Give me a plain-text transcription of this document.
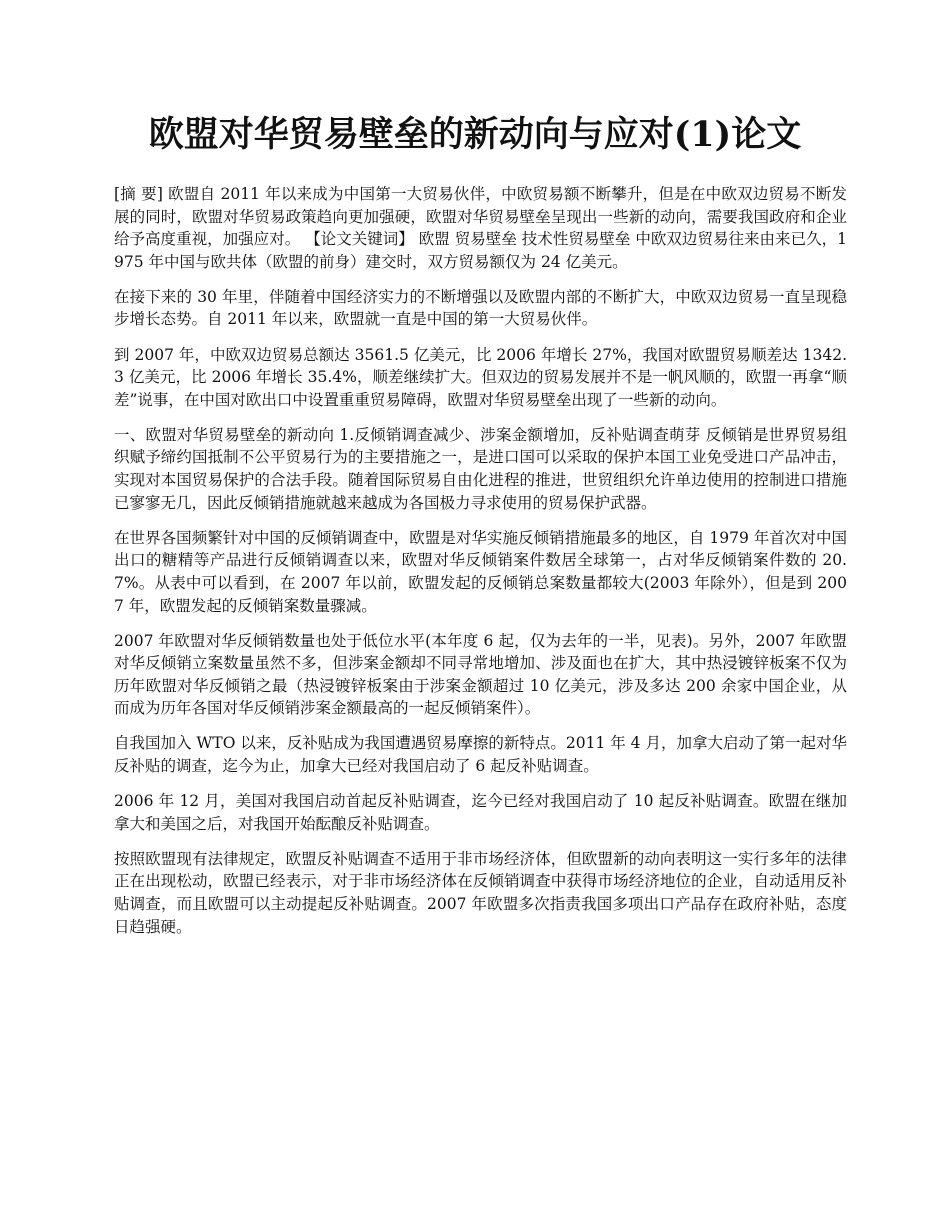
欧盟对华贸易壁垒的新动向与应对(1)论文

[摘 要] 欧盟自 2011 年以来成为中国第一大贸易伙伴，中欧贸易额不断攀升，但是在中欧双边贸易不断发展的同时，欧盟对华贸易政策趋向更加强硬，欧盟对华贸易壁垒呈现出一些新的动向，需要我国政府和企业给予高度重视，加强应对。 【论文关键词】 欧盟 贸易壁垒 技术性贸易壁垒 中欧双边贸易往来由来已久，1975 年中国与欧共体（欧盟的前身）建交时，双方贸易额仅为 24 亿美元。

在接下来的 30 年里，伴随着中国经济实力的不断增强以及欧盟内部的不断扩大，中欧双边贸易一直呈现稳步增长态势。自 2011 年以来，欧盟就一直是中国的第一大贸易伙伴。

到 2007 年，中欧双边贸易总额达 3561.5 亿美元，比 2006 年增长 27%，我国对欧盟贸易顺差达 1342.3 亿美元，比 2006 年增长 35.4%，顺差继续扩大。但双边的贸易发展并不是一帆风顺的，欧盟一再拿“顺差”说事，在中国对欧出口中设置重重贸易障碍，欧盟对华贸易壁垒出现了一些新的动向。

一、欧盟对华贸易壁垒的新动向 1.反倾销调查减少、涉案金额增加，反补贴调查萌芽 反倾销是世界贸易组织赋予缔约国抵制不公平贸易行为的主要措施之一，是进口国可以采取的保护本国工业免受进口产品冲击，实现对本国贸易保护的合法手段。随着国际贸易自由化进程的推进，世贸组织允许单边使用的控制进口措施已寥寥无几，因此反倾销措施就越来越成为各国极力寻求使用的贸易保护武器。

在世界各国频繁针对中国的反倾销调查中，欧盟是对华实施反倾销措施最多的地区，自 1979 年首次对中国出口的糖精等产品进行反倾销调查以来，欧盟对华反倾销案件数居全球第一，占对华反倾销案件数的 20.7%。从表中可以看到，在 2007 年以前，欧盟发起的反倾销总案数量都较大(2003 年除外），但是到 2007 年，欧盟发起的反倾销案数量骤减。

2007 年欧盟对华反倾销数量也处于低位水平(本年度 6 起，仅为去年的一半，见表)。另外，2007 年欧盟对华反倾销立案数量虽然不多，但涉案金额却不同寻常地增加、涉及面也在扩大，其中热浸镀锌板案不仅为历年欧盟对华反倾销之最（热浸镀锌板案由于涉案金额超过 10 亿美元，涉及多达 200 余家中国企业，从而成为历年各国对华反倾销涉案金额最高的一起反倾销案件）。

自我国加入 WTO 以来，反补贴成为我国遭遇贸易摩擦的新特点。2011 年 4 月，加拿大启动了第一起对华反补贴的调查，迄今为止，加拿大已经对我国启动了 6 起反补贴调查。

2006 年 12 月，美国对我国启动首起反补贴调查，迄今已经对我国启动了 10 起反补贴调查。欧盟在继加拿大和美国之后，对我国开始酝酿反补贴调查。

按照欧盟现有法律规定，欧盟反补贴调查不适用于非市场经济体，但欧盟新的动向表明这一实行多年的法律正在出现松动，欧盟已经表示，对于非市场经济体在反倾销调查中获得市场经济地位的企业，自动适用反补贴调查，而且欧盟可以主动提起反补贴调查。2007 年欧盟多次指责我国多项出口产品存在政府补贴，态度日趋强硬。
